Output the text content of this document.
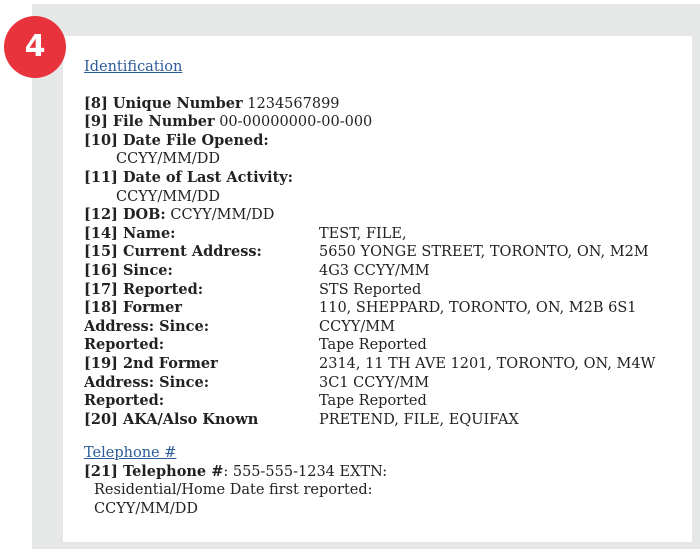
4
Identification
[8] Unique Number 1234567899
[9] File Number 00-00000000-00-000
[10] Date File Opened:
CCYY/MM/DD
[11] Date of Last Activity:
CCYY/MM/DD
[12] DOB: CCYY/MM/DD
[14] Name:	TEST, FILE,
[15] Current Address:	5650 YONGE STREET, TORONTO, ON, M2M
[16] Since:	4G3 CCYY/MM
[17] Reported:	STS Reported
[18] Former	110, SHEPPARD, TORONTO, ON, M2B 6S1
Address: Since:	CCYY/MM
Reported:	Tape Reported
[19] 2nd Former	2314, 11 TH AVE 1201, TORONTO, ON, M4W
Address: Since:	3C1 CCYY/MM
Reported:	Tape Reported
[20] AKA/Also Known	PRETEND, FILE, EQUIFAX
Telephone #
[21] Telephone #: 555-555-1234 EXTN:
Residential/Home Date first reported:
CCYY/MM/DD
